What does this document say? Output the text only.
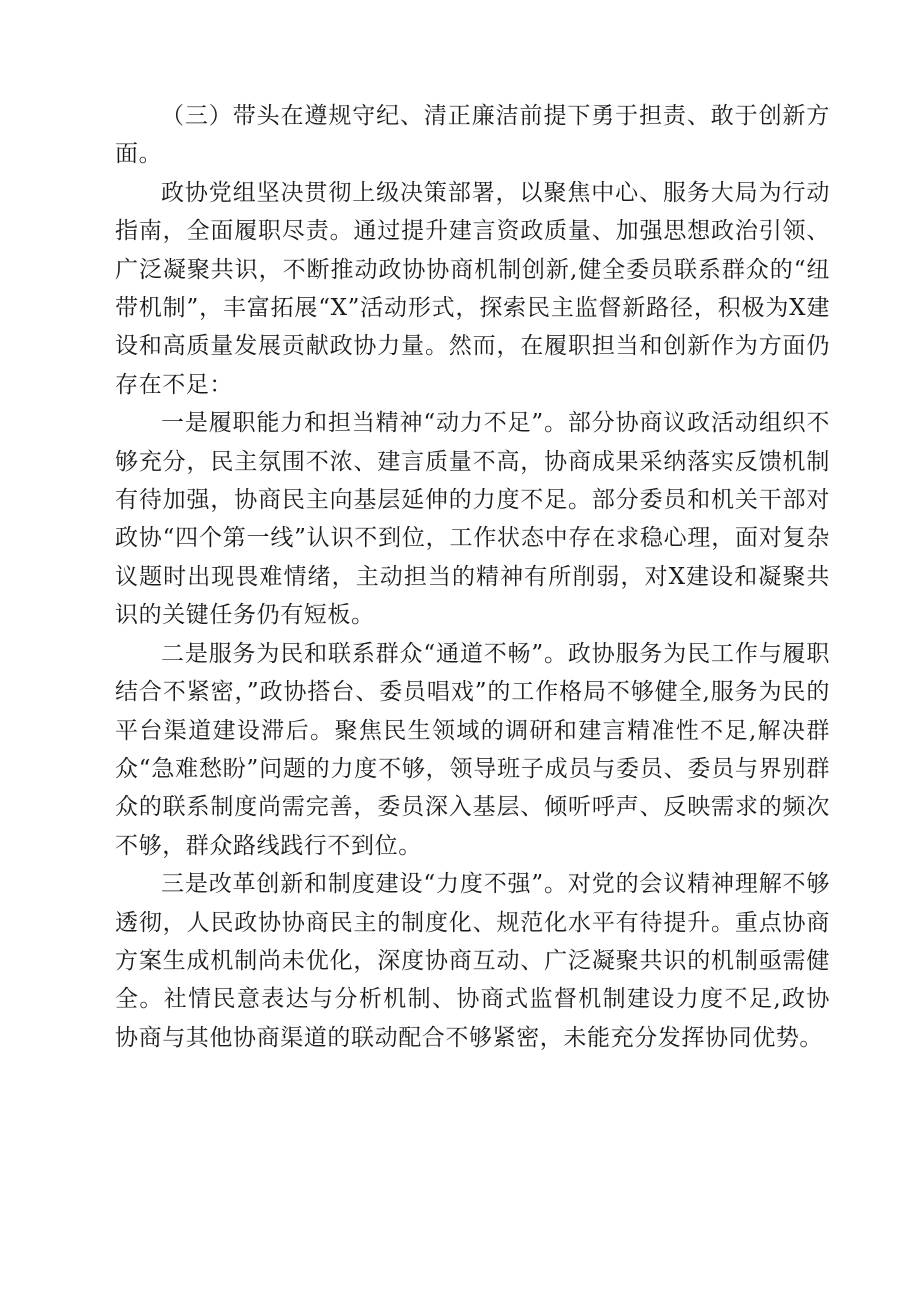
（三）带头在遵规守纪、清正廉洁前提下勇于担责、敢于创新方面。

政协党组坚决贯彻上级决策部署，以聚焦中心、服务大局为行动指南，全面履职尽责。通过提升建言资政质量、加强思想政治引领、广泛凝聚共识，不断推动政协协商机制创新,健全委员联系群众的“纽带机制”，丰富拓展“X”活动形式，探索民主监督新路径，积极为X建设和高质量发展贡献政协力量。然而，在履职担当和创新作为方面仍存在不足：

一是履职能力和担当精神“动力不足”。部分协商议政活动组织不够充分，民主氛围不浓、建言质量不高，协商成果采纳落实反馈机制有待加强，协商民主向基层延伸的力度不足。部分委员和机关干部对政协“四个第一线”认识不到位，工作状态中存在求稳心理，面对复杂议题时出现畏难情绪，主动担当的精神有所削弱，对X建设和凝聚共识的关键任务仍有短板。

二是服务为民和联系群众“通道不畅”。政协服务为民工作与履职结合不紧密，”政协搭台、委员唱戏”的工作格局不够健全,服务为民的平台渠道建设滞后。聚焦民生领域的调研和建言精准性不足,解决群众“急难愁盼”问题的力度不够，领导班子成员与委员、委员与界别群众的联系制度尚需完善，委员深入基层、倾听呼声、反映需求的频次不够，群众路线践行不到位。

三是改革创新和制度建设“力度不强”。对党的会议精神理解不够透彻，人民政协协商民主的制度化、规范化水平有待提升。重点协商方案生成机制尚未优化，深度协商互动、广泛凝聚共识的机制亟需健全。社情民意表达与分析机制、协商式监督机制建设力度不足,政协协商与其他协商渠道的联动配合不够紧密，未能充分发挥协同优势。
